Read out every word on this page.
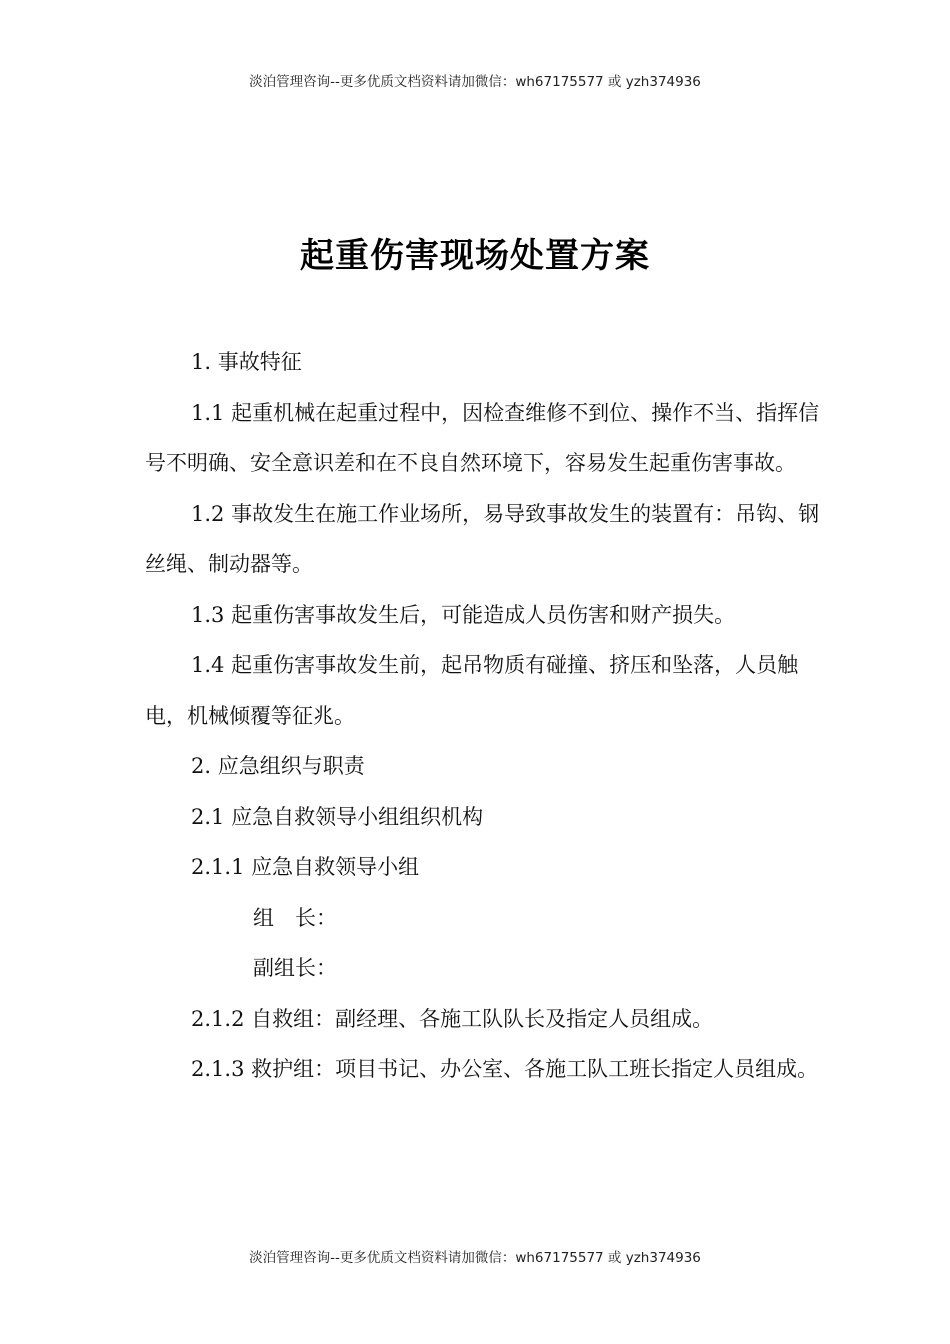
淡泊管理咨询--更多优质文档资料请加微信：wh67175577 或 yzh374936
起重伤害现场处置方案

1. 事故特征

1.1 起重机械在起重过程中，因检查维修不到位、操作不当、指挥信号不明确、安全意识差和在不良自然环境下，容易发生起重伤害事故。

1.2 事故发生在施工作业场所，易导致事故发生的装置有：吊钩、钢丝绳、制动器等。

1.3 起重伤害事故发生后，可能造成人员伤害和财产损失。

1.4 起重伤害事故发生前，起吊物质有碰撞、挤压和坠落，人员触电，机械倾覆等征兆。

2. 应急组织与职责

2.1 应急自救领导小组组织机构

2.1.1 应急自救领导小组

组　长：

副组长：

2.1.2 自救组：副经理、各施工队队长及指定人员组成。

2.1.3 救护组：项目书记、办公室、各施工队工班长指定人员组成。

淡泊管理咨询--更多优质文档资料请加微信：wh67175577 或 yzh374936
